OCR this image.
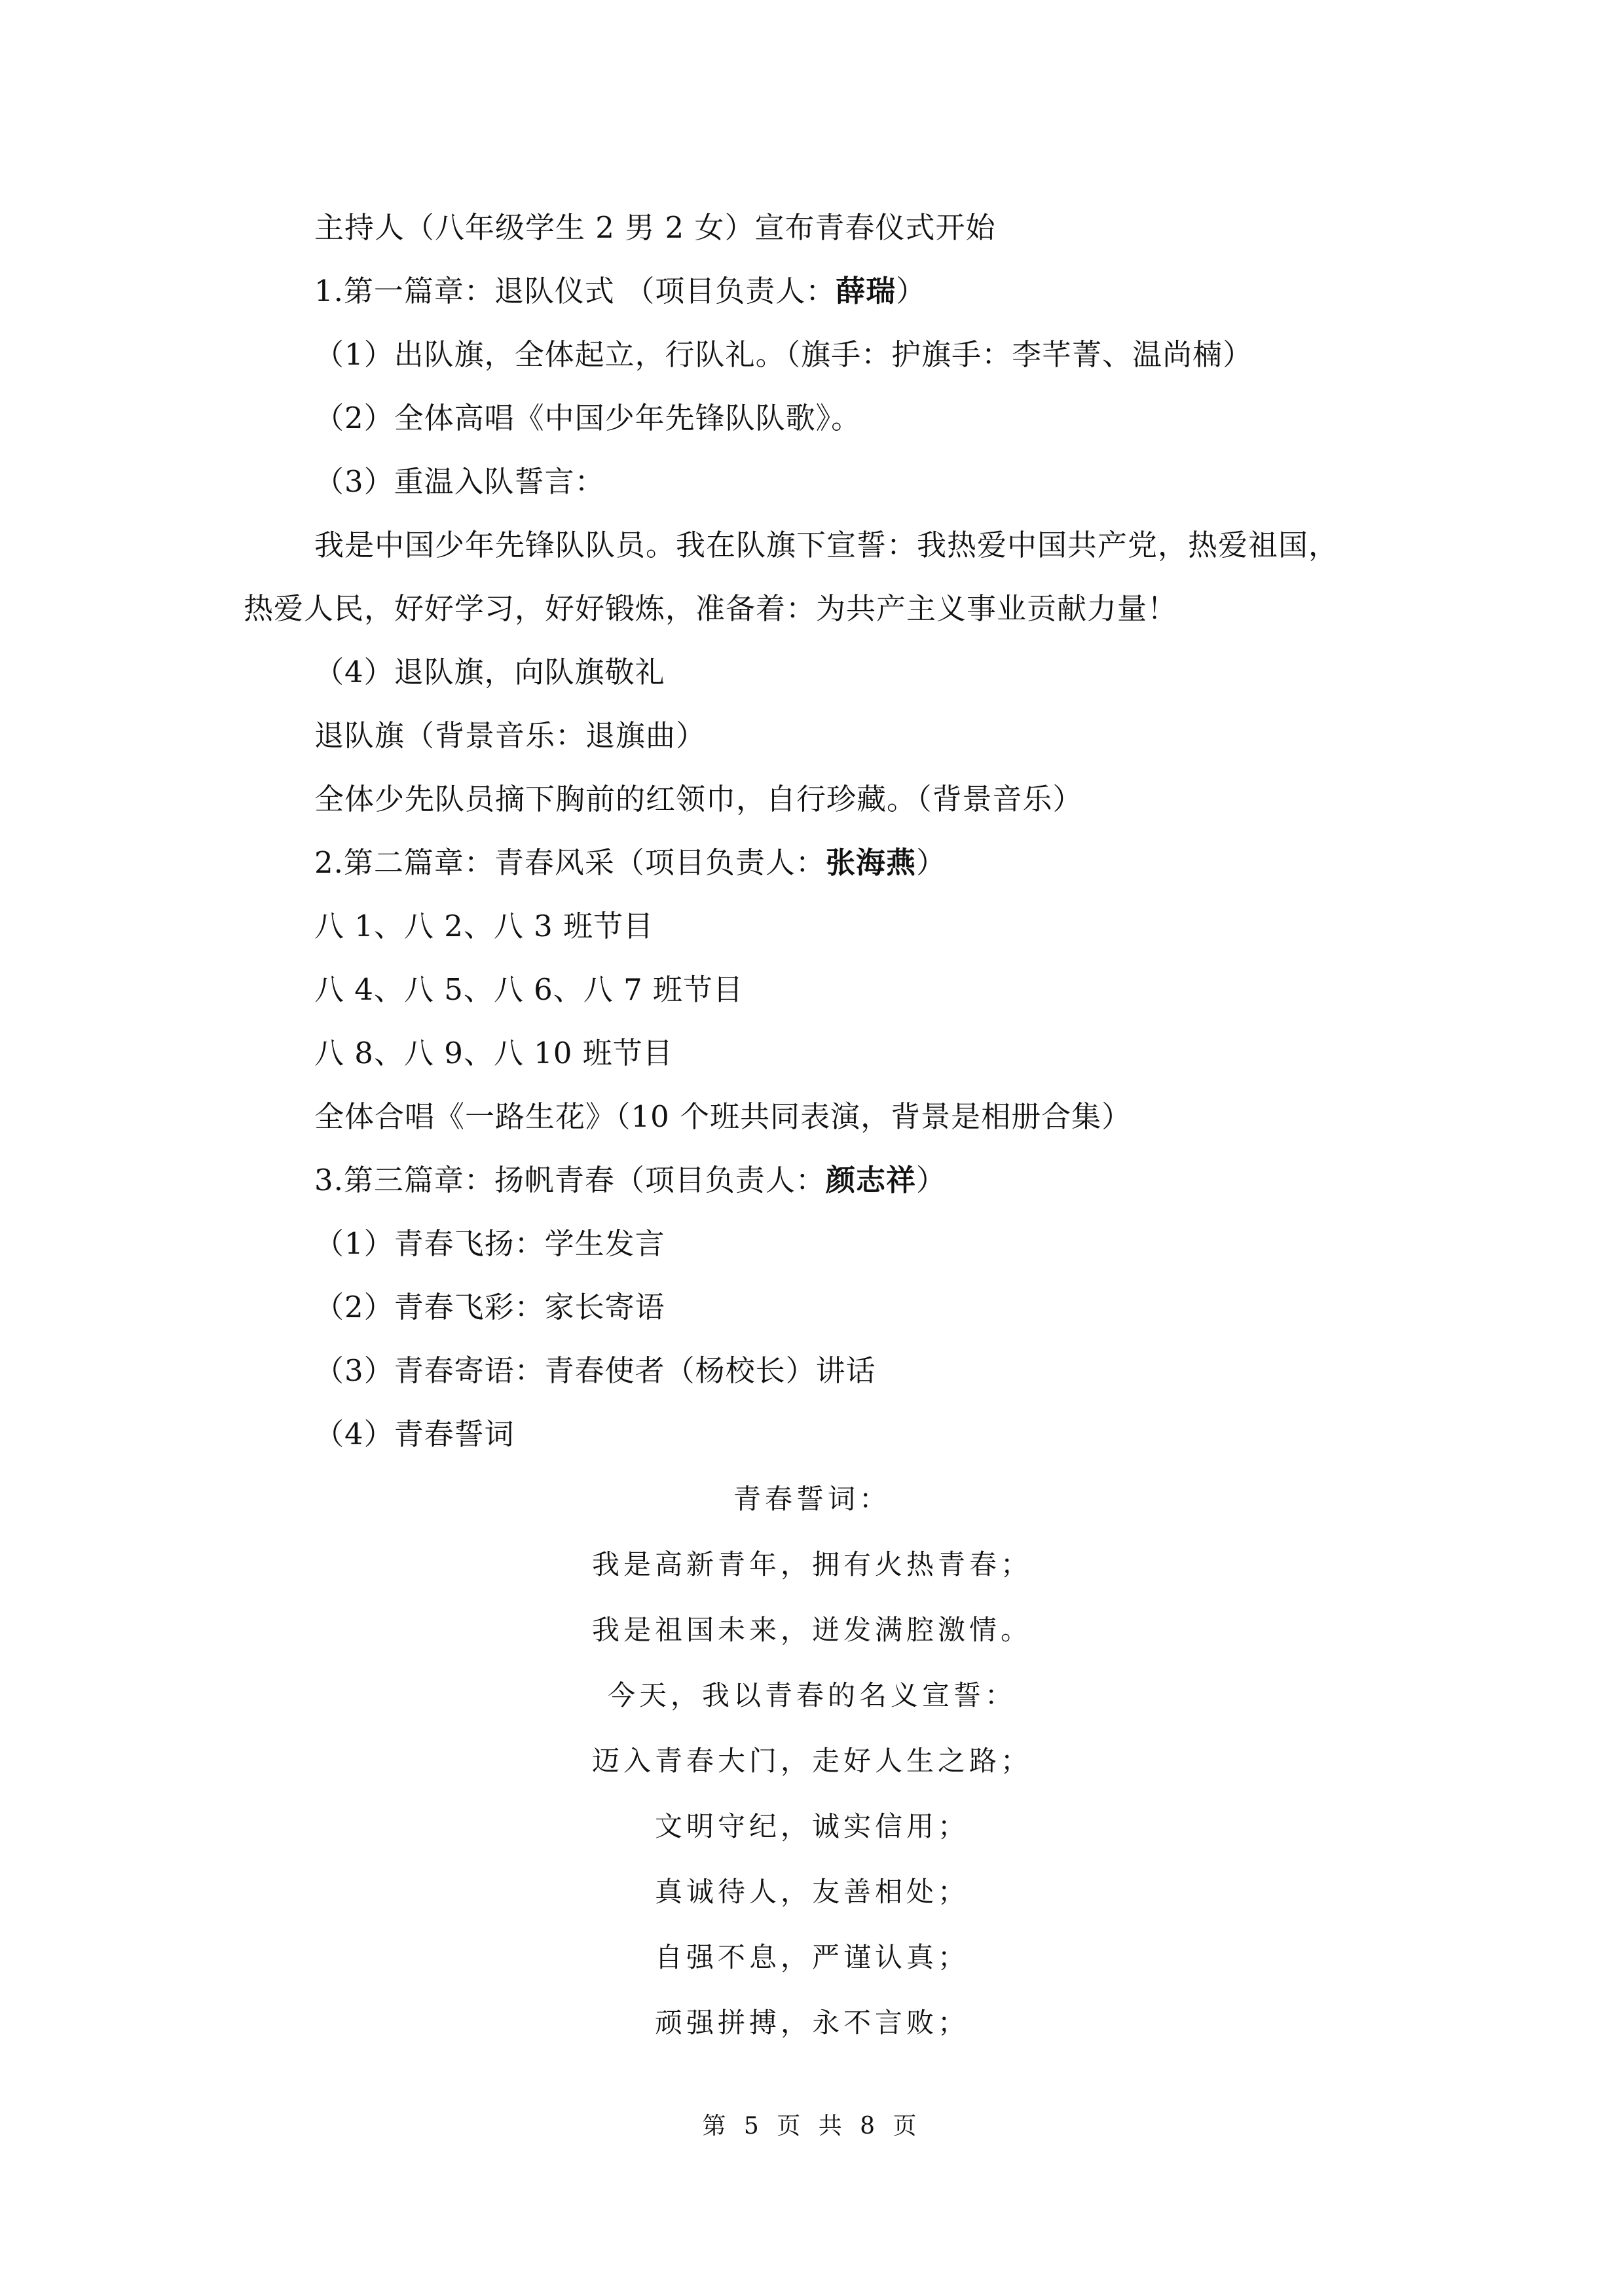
主持人（八年级学生 2 男 2 女）宣布青春仪式开始
1.第一篇章：退队仪式 （项目负责人：薛瑞）
（1）出队旗，全体起立，行队礼。（旗手：护旗手：李芊菁、温尚楠）
（2）全体高唱《中国少年先锋队队歌》。
（3）重温入队誓言：
我是中国少年先锋队队员。我在队旗下宣誓：我热爱中国共产党，热爱祖国，
热爱人民，好好学习，好好锻炼，准备着：为共产主义事业贡献力量！
（4）退队旗，向队旗敬礼
退队旗（背景音乐：退旗曲）
全体少先队员摘下胸前的红领巾，自行珍藏。（背景音乐）
2.第二篇章：青春风采（项目负责人：张海燕）
八 1、八 2、八 3 班节目
八 4、八 5、八 6、八 7 班节目
八 8、八 9、八 10 班节目
全体合唱《一路生花》（10 个班共同表演，背景是相册合集）
3.第三篇章：扬帆青春（项目负责人：颜志祥）
（1）青春飞扬：学生发言
（2）青春飞彩：家长寄语
（3）青春寄语：青春使者（杨校长）讲话
（4）青春誓词
青春誓词：
我是高新青年，拥有火热青春；
我是祖国未来，迸发满腔激情。
今天，我以青春的名义宣誓：
迈入青春大门，走好人生之路；
文明守纪，诚实信用；
真诚待人，友善相处；
自强不息，严谨认真；
顽强拼搏，永不言败；
第 5 页 共 8 页
